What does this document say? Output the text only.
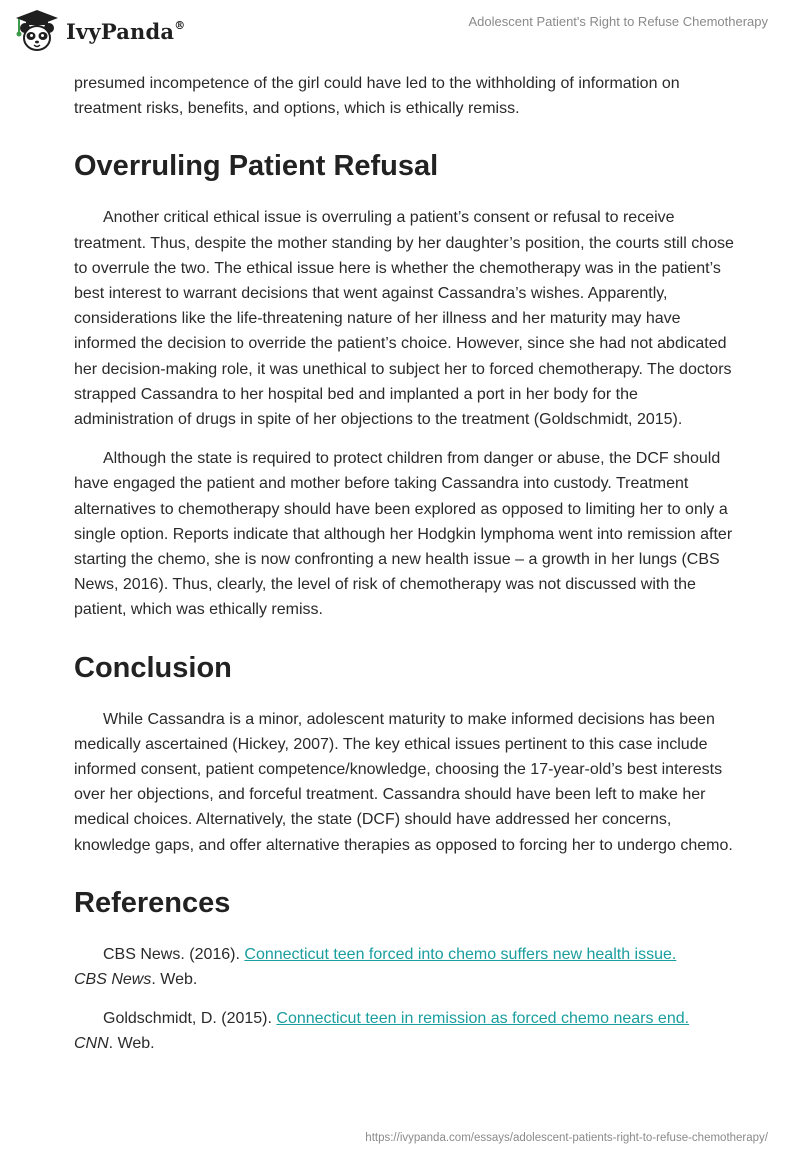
IvyPanda®	Adolescent Patient's Right to Refuse Chemotherapy

presumed incompetence of the girl could have led to the withholding of information on treatment risks, benefits, and options, which is ethically remiss.

Overruling Patient Refusal

Another critical ethical issue is overruling a patient’s consent or refusal to receive treatment. Thus, despite the mother standing by her daughter’s position, the courts still chose to overrule the two. The ethical issue here is whether the chemotherapy was in the patient’s best interest to warrant decisions that went against Cassandra’s wishes. Apparently, considerations like the life-threatening nature of her illness and her maturity may have informed the decision to override the patient’s choice. However, since she had not abdicated her decision-making role, it was unethical to subject her to forced chemotherapy. The doctors strapped Cassandra to her hospital bed and implanted a port in her body for the administration of drugs in spite of her objections to the treatment (Goldschmidt, 2015).

Although the state is required to protect children from danger or abuse, the DCF should have engaged the patient and mother before taking Cassandra into custody. Treatment alternatives to chemotherapy should have been explored as opposed to limiting her to only a single option. Reports indicate that although her Hodgkin lymphoma went into remission after starting the chemo, she is now confronting a new health issue – a growth in her lungs (CBS News, 2016). Thus, clearly, the level of risk of chemotherapy was not discussed with the patient, which was ethically remiss.

Conclusion

While Cassandra is a minor, adolescent maturity to make informed decisions has been medically ascertained (Hickey, 2007). The key ethical issues pertinent to this case include informed consent, patient competence/knowledge, choosing the 17-year-old’s best interests over her objections, and forceful treatment. Cassandra should have been left to make her medical choices. Alternatively, the state (DCF) should have addressed her concerns, knowledge gaps, and offer alternative therapies as opposed to forcing her to undergo chemo.

References

CBS News. (2016). Connecticut teen forced into chemo suffers new health issue.
CBS News. Web.

Goldschmidt, D. (2015). Connecticut teen in remission as forced chemo nears end.
CNN. Web.

https://ivypanda.com/essays/adolescent-patients-right-to-refuse-chemotherapy/
